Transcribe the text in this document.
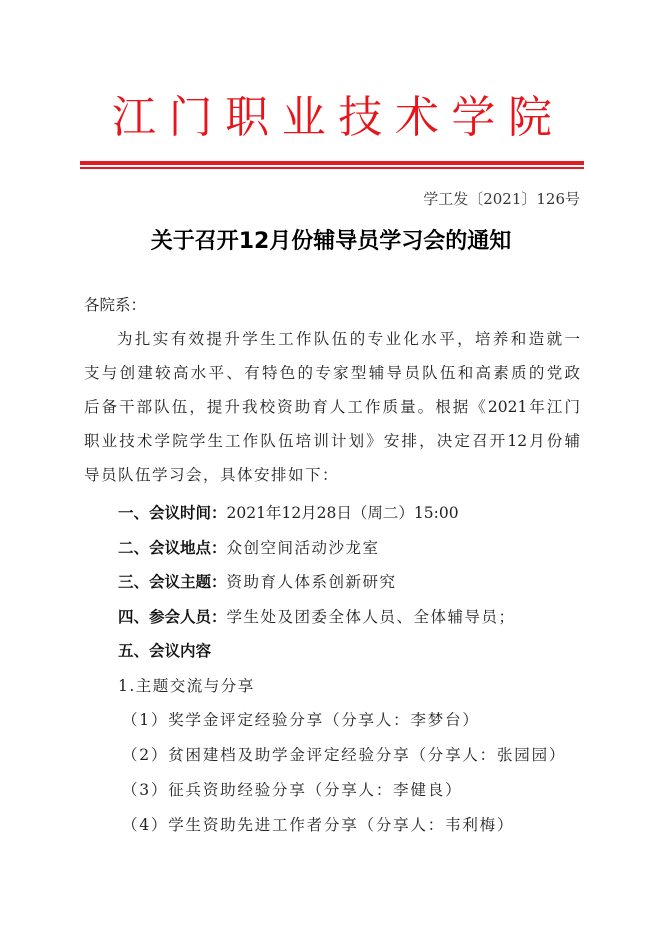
江 门 职 业 技 术 学 院
学工发〔2021〕126号
关于召开12月份辅导员学习会的通知
各院系：
为扎实有效提升学生工作队伍的专业化水平，培养和造就一
支与创建较高水平、有特色的专家型辅导员队伍和高素质的党政
后备干部队伍，提升我校资助育人工作质量。根据《2021年江门
职业技术学院学生工作队伍培训计划》安排，决定召开12月份辅
导员队伍学习会，具体安排如下：
一、会议时间：2021年12月28日（周二）15:00
二、会议地点：众创空间活动沙龙室
三、会议主题：资助育人体系创新研究
四、参会人员：学生处及团委全体人员、全体辅导员；
五、会议内容
1.主题交流与分享
（1）奖学金评定经验分享（分享人：李梦台）
（2）贫困建档及助学金评定经验分享（分享人：张园园）
（3）征兵资助经验分享（分享人：李健良）
（4）学生资助先进工作者分享（分享人：韦利梅）
